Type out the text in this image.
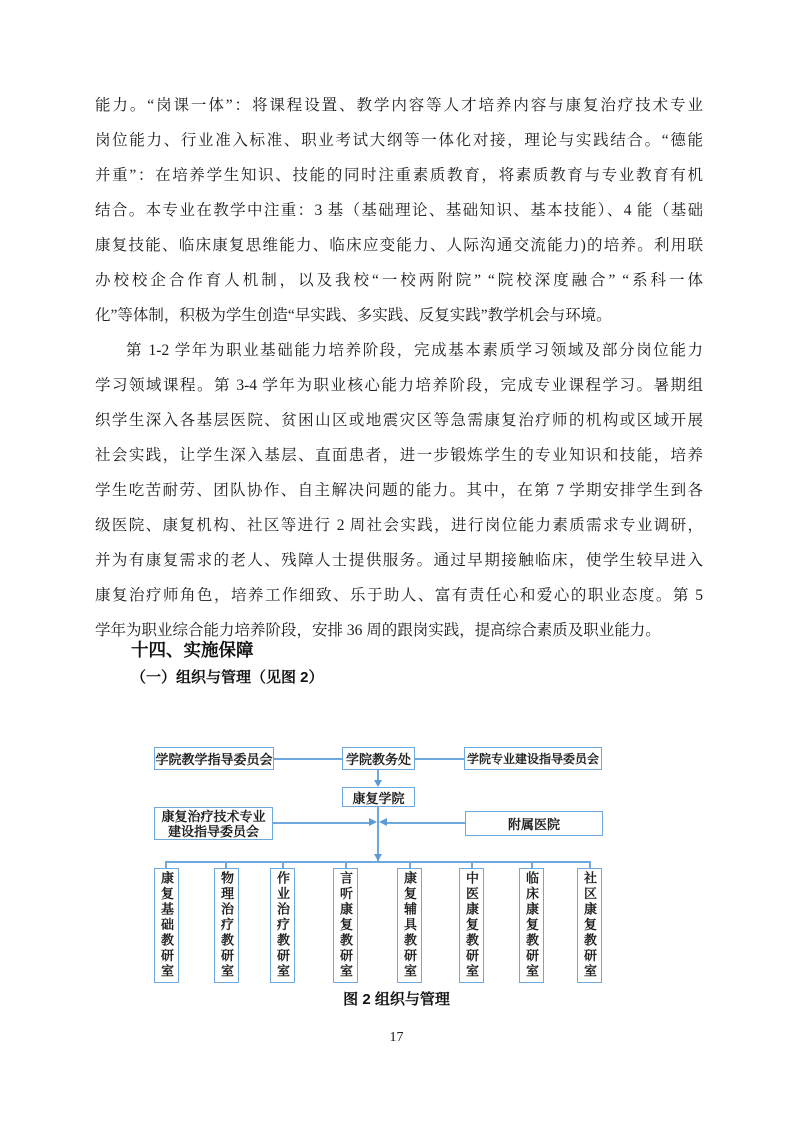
能力。“岗课一体”：将课程设置、教学内容等人才培养内容与康复治疗技术专业

岗位能力、行业准入标准、职业考试大纲等一体化对接，理论与实践结合。“德能

并重”：在培养学生知识、技能的同时注重素质教育，将素质教育与专业教育有机

结合。本专业在教学中注重：3 基（基础理论、基础知识、基本技能）、4 能（基础

康复技能、临床康复思维能力、临床应变能力、人际沟通交流能力)的培养。利用联

办校校企合作育人机制，以及我校“一校两附院” “院校深度融合” “系科一体

化”等体制，积极为学生创造“早实践、多实践、反复实践”教学机会与环境。

第 1-2 学年为职业基础能力培养阶段，完成基本素质学习领域及部分岗位能力

学习领域课程。第 3-4 学年为职业核心能力培养阶段，完成专业课程学习。暑期组

织学生深入各基层医院、贫困山区或地震灾区等急需康复治疗师的机构或区域开展

社会实践，让学生深入基层、直面患者，进一步锻炼学生的专业知识和技能，培养

学生吃苦耐劳、团队协作、自主解决问题的能力。其中，在第 7 学期安排学生到各

级医院、康复机构、社区等进行 2 周社会实践，进行岗位能力素质需求专业调研，

并为有康复需求的老人、残障人士提供服务。通过早期接触临床，使学生较早进入

康复治疗师角色，培养工作细致、乐于助人、富有责任心和爱心的职业态度。第 5

学年为职业综合能力培养阶段，安排 36 周的跟岗实践，提高综合素质及职业能力。

十四、实施保障
（一）组织与管理（见图 2）
学院教学指导委员会	学院教务处	学院专业建设指导委员会
康复学院
康复治疗技术专业
建设指导委员会	附属医院
康复基础教研室	物理治疗教研室	作业治疗教研室	言听康复教研室	康复辅具教研室	中医康复教研室	临床康复教研室	社区康复教研室

图 2 组织与管理

17
